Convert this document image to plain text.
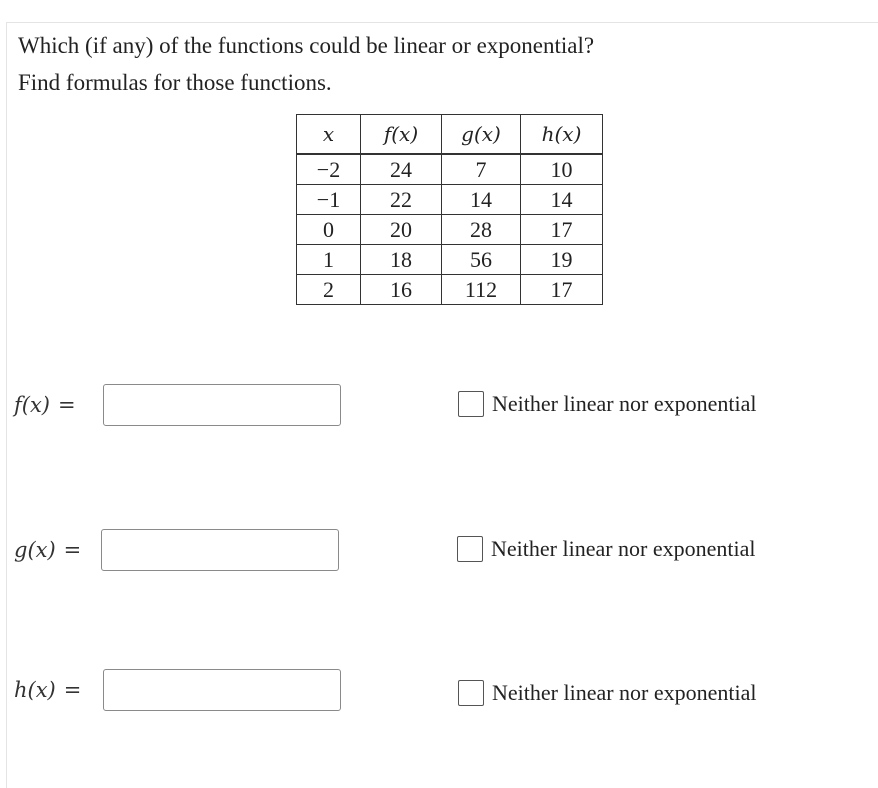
Which (if any) of the functions could be linear or exponential?

Find formulas for those functions.

x	f(x)	g(x)	h(x)
−2	24	7	10
−1	22	14	14
0	20	28	17
1	18	56	19
2	16	112	17
f(x) =	Neither linear nor exponential
g(x) =	Neither linear nor exponential
h(x) =	Neither linear nor exponential
